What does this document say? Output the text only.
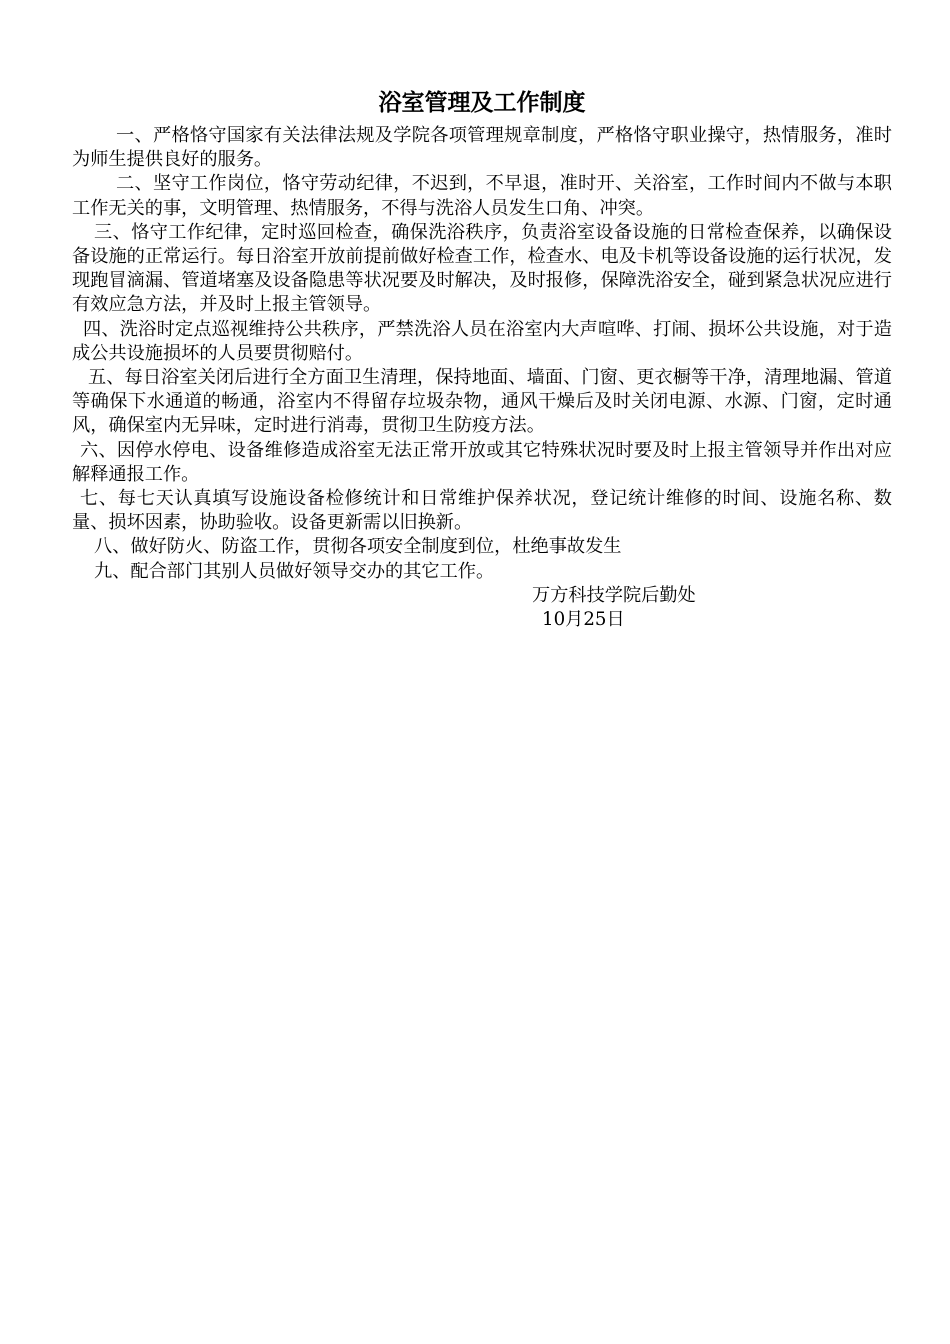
浴室管理及工作制度

一、严格恪守国家有关法律法规及学院各项管理规章制度，严格恪守职业操守，热情服务，准时为师生提供良好的服务。

二、坚守工作岗位，恪守劳动纪律，不迟到，不早退，准时开、关浴室，工作时间内不做与本职工作无关的事，文明管理、热情服务，不得与洗浴人员发生口角、冲突。

三、恪守工作纪律，定时巡回检查，确保洗浴秩序，负责浴室设备设施的日常检查保养，以确保设备设施的正常运行。每日浴室开放前提前做好检查工作，检查水、电及卡机等设备设施的运行状况，发现跑冒滴漏、管道堵塞及设备隐患等状况要及时解决，及时报修，保障洗浴安全，碰到紧急状况应进行有效应急方法，并及时上报主管领导。

四、洗浴时定点巡视维持公共秩序，严禁洗浴人员在浴室内大声喧哗、打闹、损坏公共设施，对于造成公共设施损坏的人员要贯彻赔付。

五、每日浴室关闭后进行全方面卫生清理，保持地面、墙面、门窗、更衣橱等干净，清理地漏、管道等确保下水通道的畅通，浴室内不得留存垃圾杂物，通风干燥后及时关闭电源、水源、门窗，定时通风，确保室内无异味，定时进行消毒，贯彻卫生防疫方法。

六、因停水停电、设备维修造成浴室无法正常开放或其它特殊状况时要及时上报主管领导并作出对应解释通报工作。

七、每七天认真填写设施设备检修统计和日常维护保养状况，登记统计维修的时间、设施名称、数量、损坏因素，协助验收。设备更新需以旧换新。

八、做好防火、防盗工作，贯彻各项安全制度到位，杜绝事故发生

九、配合部门其别人员做好领导交办的其它工作。

万方科技学院后勤处

10月25日
